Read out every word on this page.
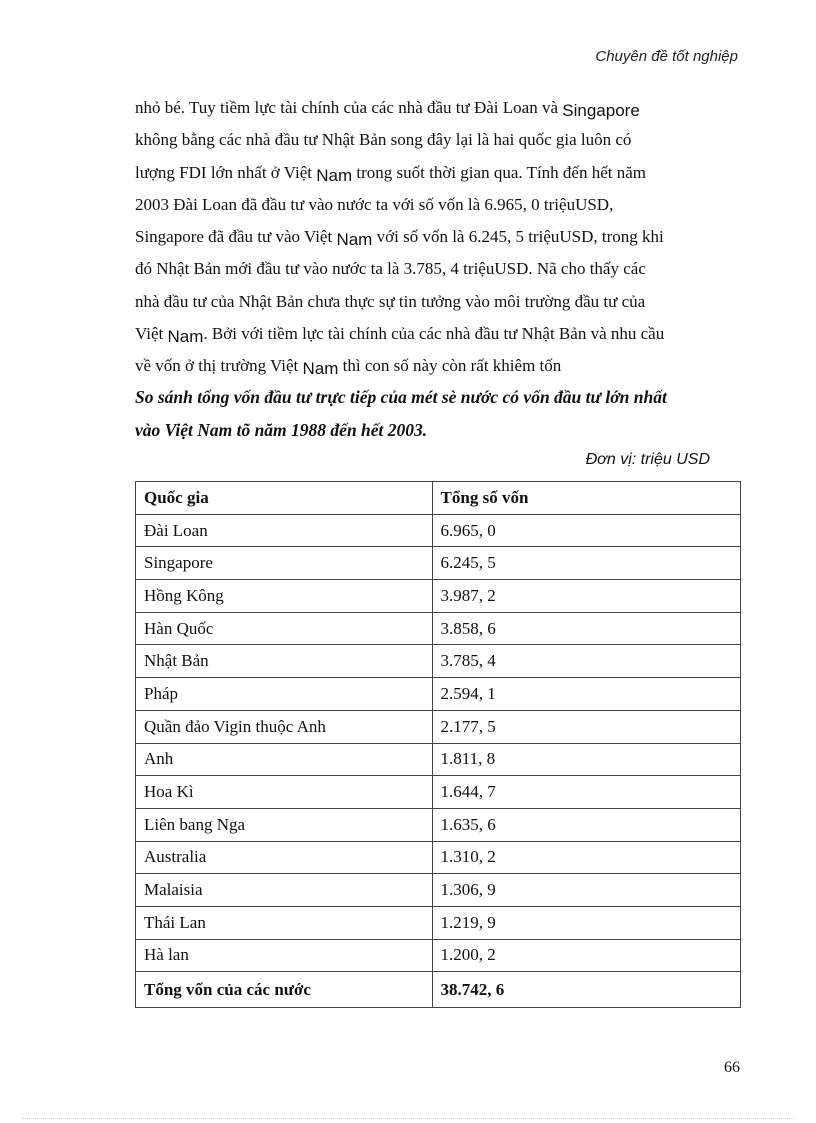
Chuyên đề tốt nghiệp

nhỏ bé. Tuy tiềm lực tài chính của các nhà đầu tư Đài Loan và Singapore
không bằng các nhà đầu tư Nhật Bản song đây lại là hai quốc gia luôn có
lượng FDI lớn nhất ở Việt Nam trong suốt thời gian qua. Tính đến hết năm
2003 Đài Loan đã đầu tư vào nước ta với số vốn là 6.965, 0 triệuUSD,
Singapore đã đầu tư vào Việt Nam với số vốn là 6.245, 5 triệuUSD, trong khi
đó Nhật Bản mới đầu tư vào nước ta là 3.785, 4 triệuUSD. Nã cho thấy các
nhà đầu tư của Nhật Bản chưa thực sự tin tưởng vào môi trường đầu tư của
Việt Nam. Bởi với tiềm lực tài chính của các nhà đầu tư Nhật Bản và nhu cầu
về vốn ở thị trường Việt Nam thì con số này còn rất khiêm tốn

So sánh tổng vốn đầu tư trực tiếp của mét sè nước có vốn đầu tư lớn nhất
vào Việt Nam tõ năm 1988 đến hết 2003.
Đơn vị: triệu USD
Quốc gia	Tổng số vốn
Đài Loan	6.965, 0
Singapore	6.245, 5
Hồng Kông	3.987, 2
Hàn Quốc	3.858, 6
Nhật Bản	3.785, 4
Pháp	2.594, 1
Quần đảo Vigin thuộc Anh	2.177, 5
Anh	1.811, 8
Hoa Kì	1.644, 7
Liên bang Nga	1.635, 6
Australia	1.310, 2
Malaisia	1.306, 9
Thái Lan	1.219, 9
Hà lan	1.200, 2
Tổng vốn của các nước	38.742, 6
66
